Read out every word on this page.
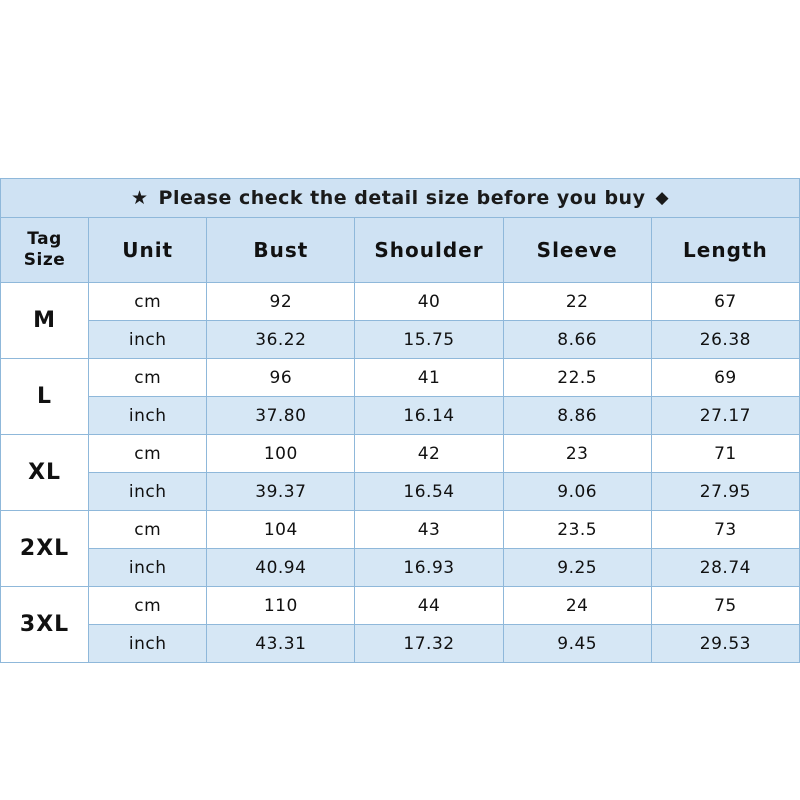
★ Please check the detail size before you buy ◆					

Tag
Size	Unit	Bust	Shoulder	Sleeve	Length
M	cm	92	40	22	67
	inch	36.22	15.75	8.66	26.38
L	cm	96	41	22.5	69
	inch	37.80	16.14	8.86	27.17
XL	cm	100	42	23	71
	inch	39.37	16.54	9.06	27.95
2XL	cm	104	43	23.5	73
	inch	40.94	16.93	9.25	28.74
3XL	cm	110	44	24	75
	inch	43.31	17.32	9.45	29.53
